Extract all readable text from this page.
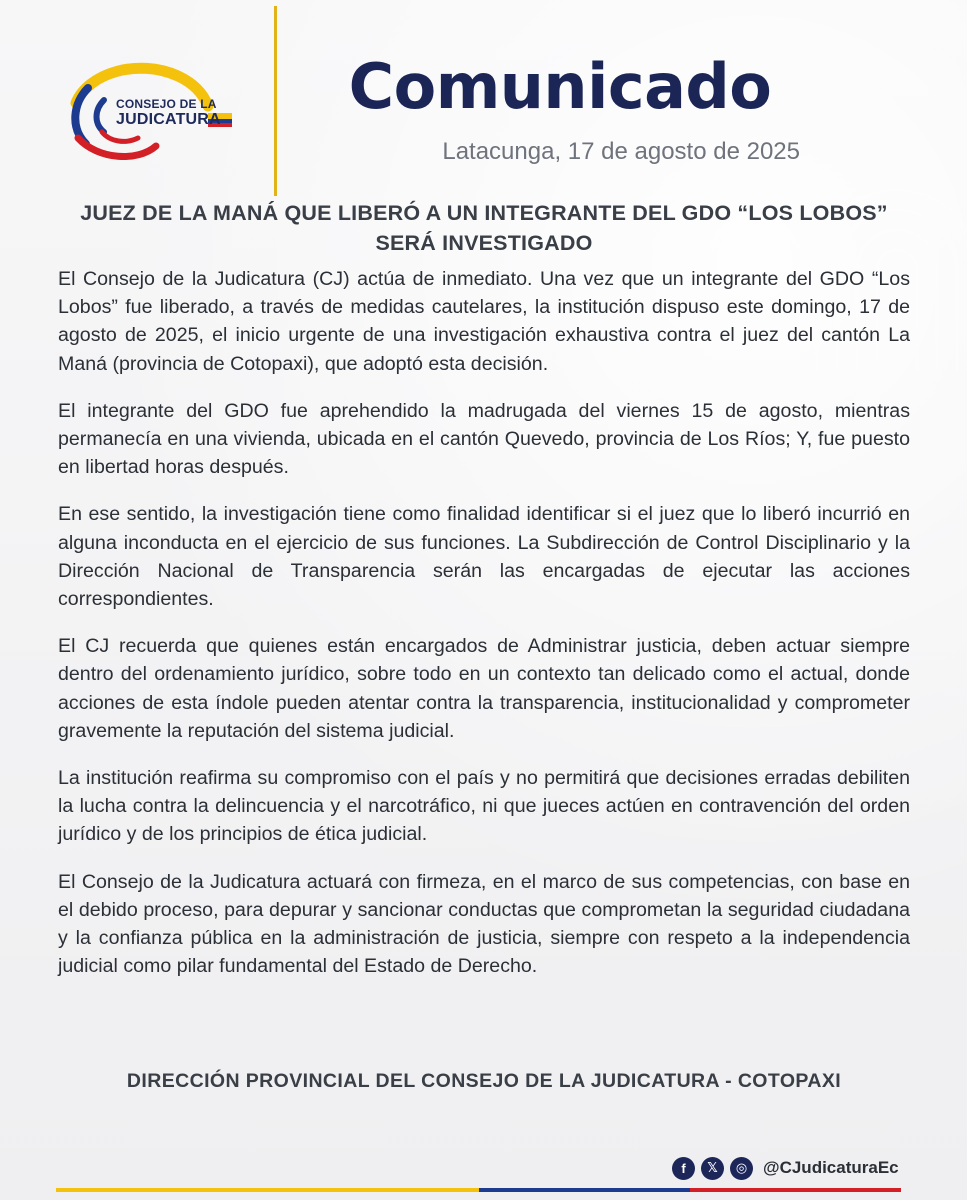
CONSEJO DE LA
JUDICATURA	Comunicado
Latacunga, 17 de agosto de 2025
JUEZ DE LA MANÁ QUE LIBERÓ A UN INTEGRANTE DEL GDO “LOS LOBOS” SERÁ INVESTIGADO

El Consejo de la Judicatura (CJ) actúa de inmediato. Una vez que un integrante del GDO “Los Lobos” fue liberado, a través de medidas cautelares, la institución dispuso este domingo, 17 de agosto de 2025, el inicio urgente de una investigación exhaustiva contra el juez del cantón La Maná (provincia de Cotopaxi), que adoptó esta decisión.

El integrante del GDO fue aprehendido la madrugada del viernes 15 de agosto, mientras permanecía en una vivienda, ubicada en el cantón Quevedo, provincia de Los Ríos; Y, fue puesto en libertad horas después.

En ese sentido, la investigación tiene como finalidad identificar si el juez que lo liberó incurrió en alguna inconducta en el ejercicio de sus funciones. La Subdirección de Control Disciplinario y la Dirección Nacional de Transparencia serán las encargadas de ejecutar las acciones correspondientes.

El CJ recuerda que quienes están encargados de Administrar justicia, deben actuar siempre dentro del ordenamiento jurídico, sobre todo en un contexto tan delicado como el actual, donde acciones de esta índole pueden atentar contra la transparencia, institucionalidad y comprometer gravemente la reputación del sistema judicial.

La institución reafirma su compromiso con el país y no permitirá que decisiones erradas debiliten la lucha contra la delincuencia y el narcotráfico, ni que jueces actúen en contravención del orden jurídico y de los principios de ética judicial.

El Consejo de la Judicatura actuará con firmeza, en el marco de sus competencias, con base en el debido proceso, para depurar y sancionar conductas que comprometan la seguridad ciudadana y la confianza pública en la administración de justicia, siempre con respeto a la independencia judicial como pilar fundamental del Estado de Derecho.

DIRECCIÓN PROVINCIAL DEL CONSEJO DE LA JUDICATURA - COTOPAXI
f	𝕏	◎ @CJudicaturaEc
